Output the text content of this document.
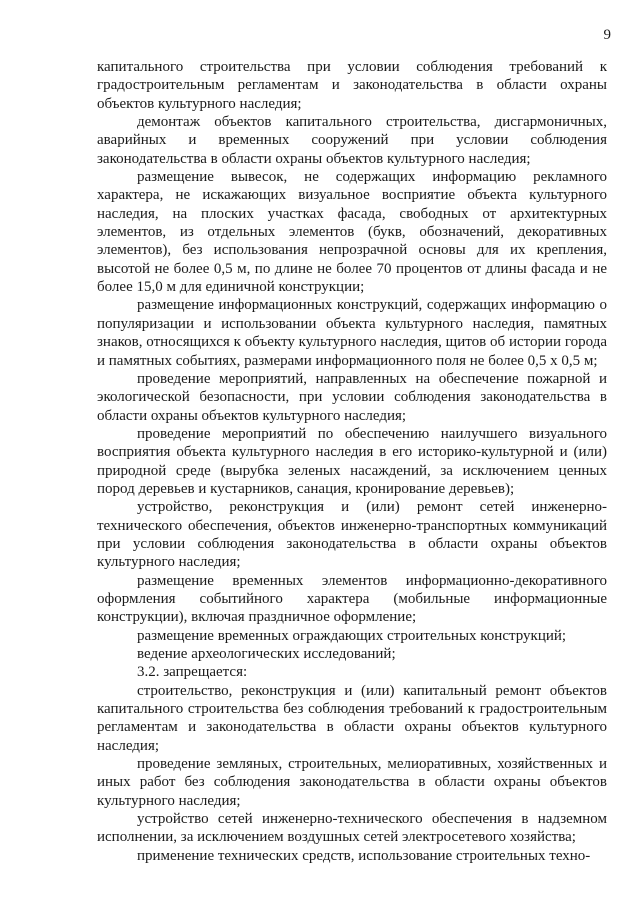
9

капитального строительства при условии соблюдения требований к градостроительным регламентам и законодательства в области охраны объектов культурного наследия;

демонтаж объектов капитального строительства, дисгармоничных, аварийных и временных сооружений при условии соблюдения законодательства в области охраны объектов культурного наследия;

размещение вывесок, не содержащих информацию рекламного характера, не искажающих визуальное восприятие объекта культурного наследия, на плоских участках фасада, свободных от архитектурных элементов, из отдельных элементов (букв, обозначений, декоративных элементов), без использования непрозрачной основы для их крепления, высотой не более 0,5 м, по длине не более 70 процентов от длины фасада и не более 15,0 м для единичной конструкции;

размещение информационных конструкций, содержащих информацию о популяризации и использовании объекта культурного наследия, памятных знаков, относящихся к объекту культурного наследия, щитов об истории города и памятных событиях, размерами информационного поля не более 0,5 х 0,5 м;

проведение мероприятий, направленных на обеспечение пожарной и экологической безопасности, при условии соблюдения законодательства в области охраны объектов культурного наследия;

проведение мероприятий по обеспечению наилучшего визуального восприятия объекта культурного наследия в его историко-культурной и (или) природной среде (вырубка зеленых насаждений, за исключением ценных пород деревьев и кустарников, санация, кронирование деревьев);

устройство, реконструкция и (или) ремонт сетей инженерно-технического обеспечения, объектов инженерно-транспортных коммуникаций при условии соблюдения законодательства в области охраны объектов культурного наследия;

размещение временных элементов информационно-декоративного оформления событийного характера (мобильные информационные конструкции), включая праздничное оформление;

размещение временных ограждающих строительных конструкций;

ведение археологических исследований;

3.2. запрещается:

строительство, реконструкция и (или) капитальный ремонт объектов капитального строительства без соблюдения требований к градостроительным регламентам и законодательства в области охраны объектов культурного наследия;

проведение земляных, строительных, мелиоративных, хозяйственных и иных работ без соблюдения законодательства в области охраны объектов культурного наследия;

устройство сетей инженерно-технического обеспечения в надземном исполнении, за исключением воздушных сетей электросетевого хозяйства;

применение технических средств, использование строительных техно-
